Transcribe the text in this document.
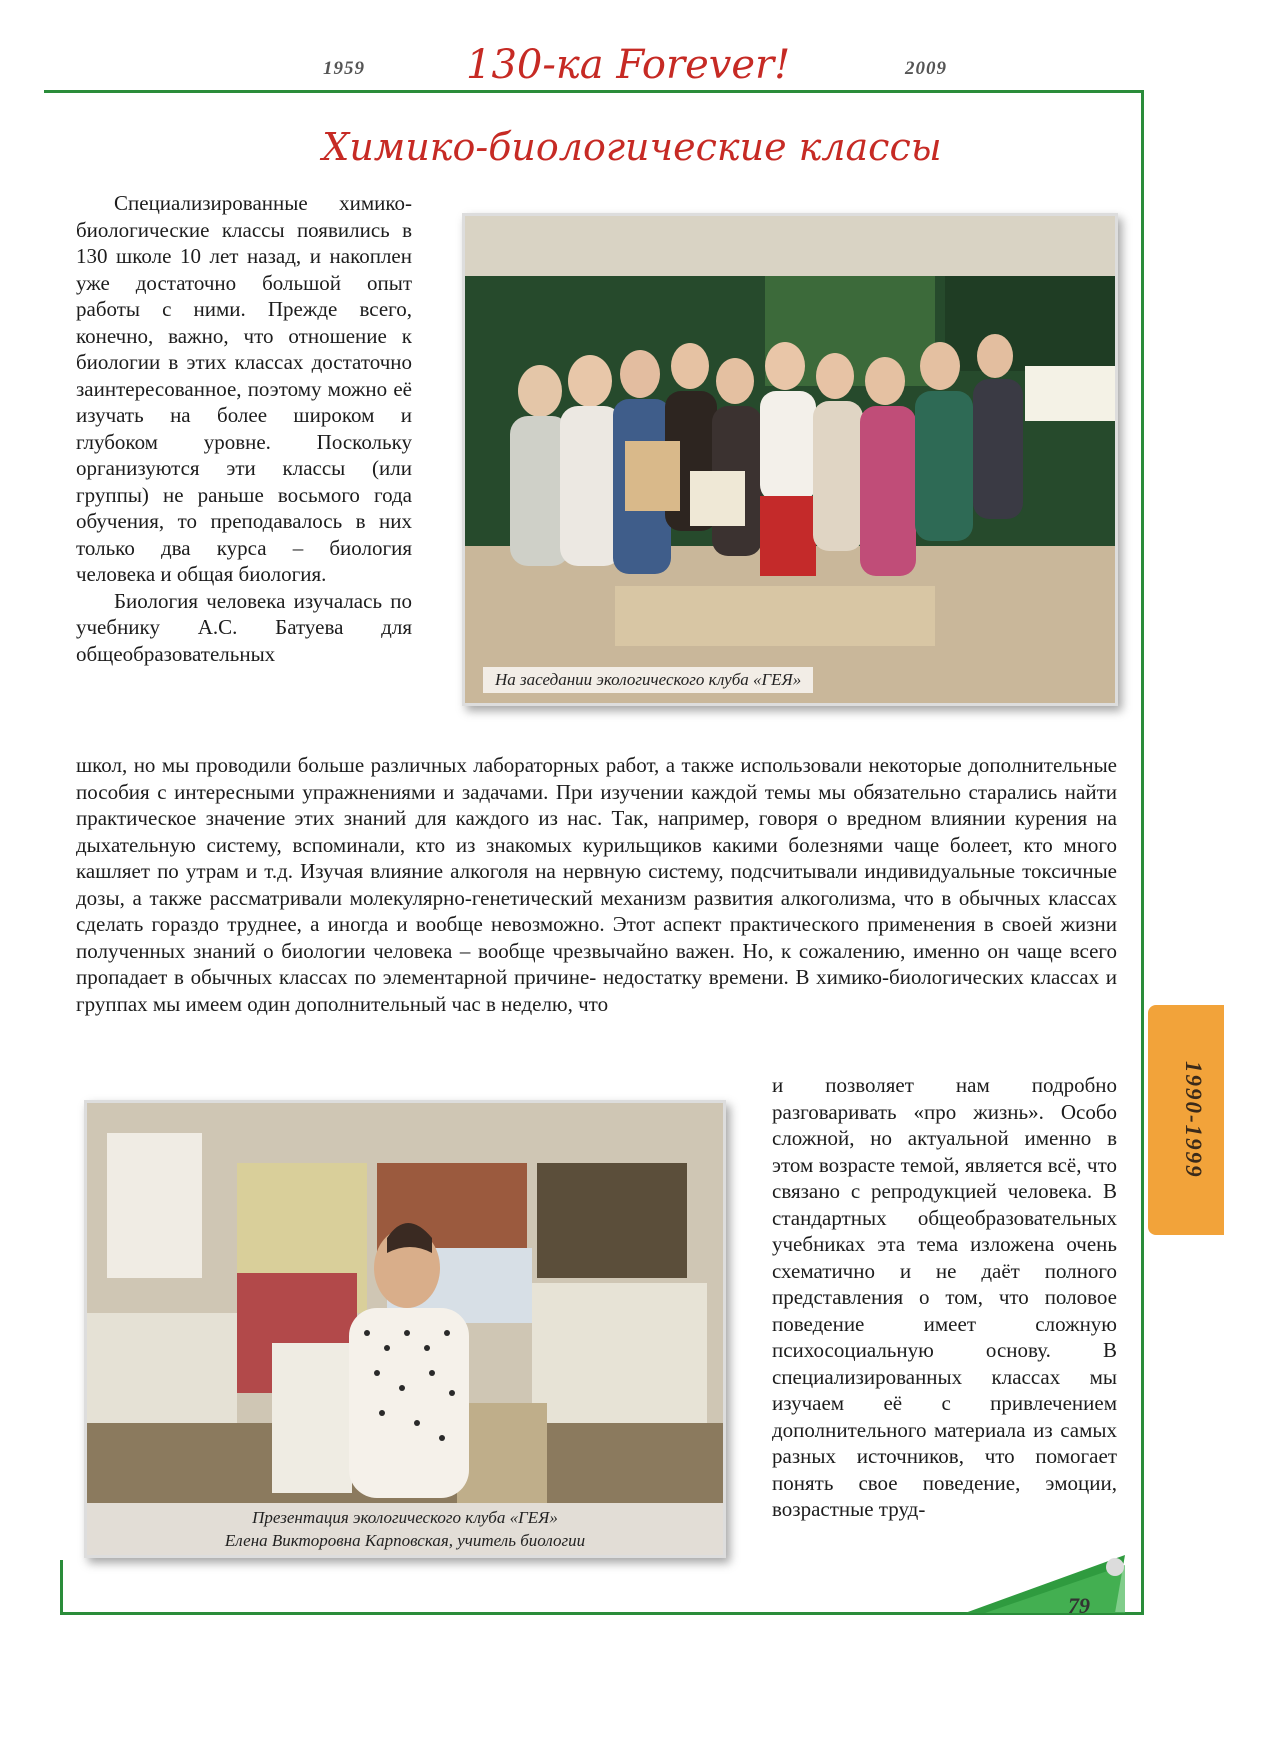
1959	130-ка Forever!	2009
Химико-биологические классы

Специализированные химико-биологические классы появились в 130 школе 10 лет назад, и накоплен уже достаточно большой опыт работы с ними. Прежде всего, конечно, важно, что отношение к биологии в этих классах достаточно заинтересованное, поэтому можно её изучать на более широком и глубоком уровне. Поскольку организуются эти классы (или группы) не раньше восьмого года обучения, то преподавалось в них только два курса – биология человека и общая биология.

Биология человека изучалась по учебнику А.С. Батуева для общеобразовательных

На заседании экологического клуба «ГЕЯ»

школ, но мы проводили больше различных лабораторных работ, а также использовали некоторые дополнительные пособия с интересными упражнениями и задачами. При изучении каждой темы мы обязательно старались найти практическое значение этих знаний для каждого из нас. Так, например, говоря о вредном влиянии курения на дыхательную систему, вспоминали, кто из знакомых курильщиков какими болезнями чаще болеет, кто много кашляет по утрам и т.д. Изучая влияние алкоголя на нервную систему, подсчитывали индивидуальные токсичные дозы, а также рассматривали молекулярно-генетический механизм развития алкоголизма, что в обычных классах сделать гораздо труднее, а иногда и вообще невозможно. Этот аспект практического применения в своей жизни полученных знаний о биологии человека – вообще чрезвычайно важен. Но, к сожалению, именно он чаще всего пропадает в обычных классах по элементарной причине- недостатку времени. В химико-биологических классах и группах мы имеем один дополнительный час в неделю, что

Презентация экологического клуба «ГЕЯ»
Елена Викторовна Карповская, учитель биологии

и позволяет нам подробно разговаривать «про жизнь». Особо сложной, но актуальной именно в этом возрасте темой, является всё, что связано с репродукцией человека. В стандартных общеобразовательных учебниках эта тема изложена очень схематично и не даёт полного представления о том, что половое поведение имеет сложную психосоциальную основу. В специализированных классах мы изучаем её с привлечением дополнительного материала из самых разных источников, что помогает понять свое поведение, эмоции, возрастные труд-

1990-1999
79
